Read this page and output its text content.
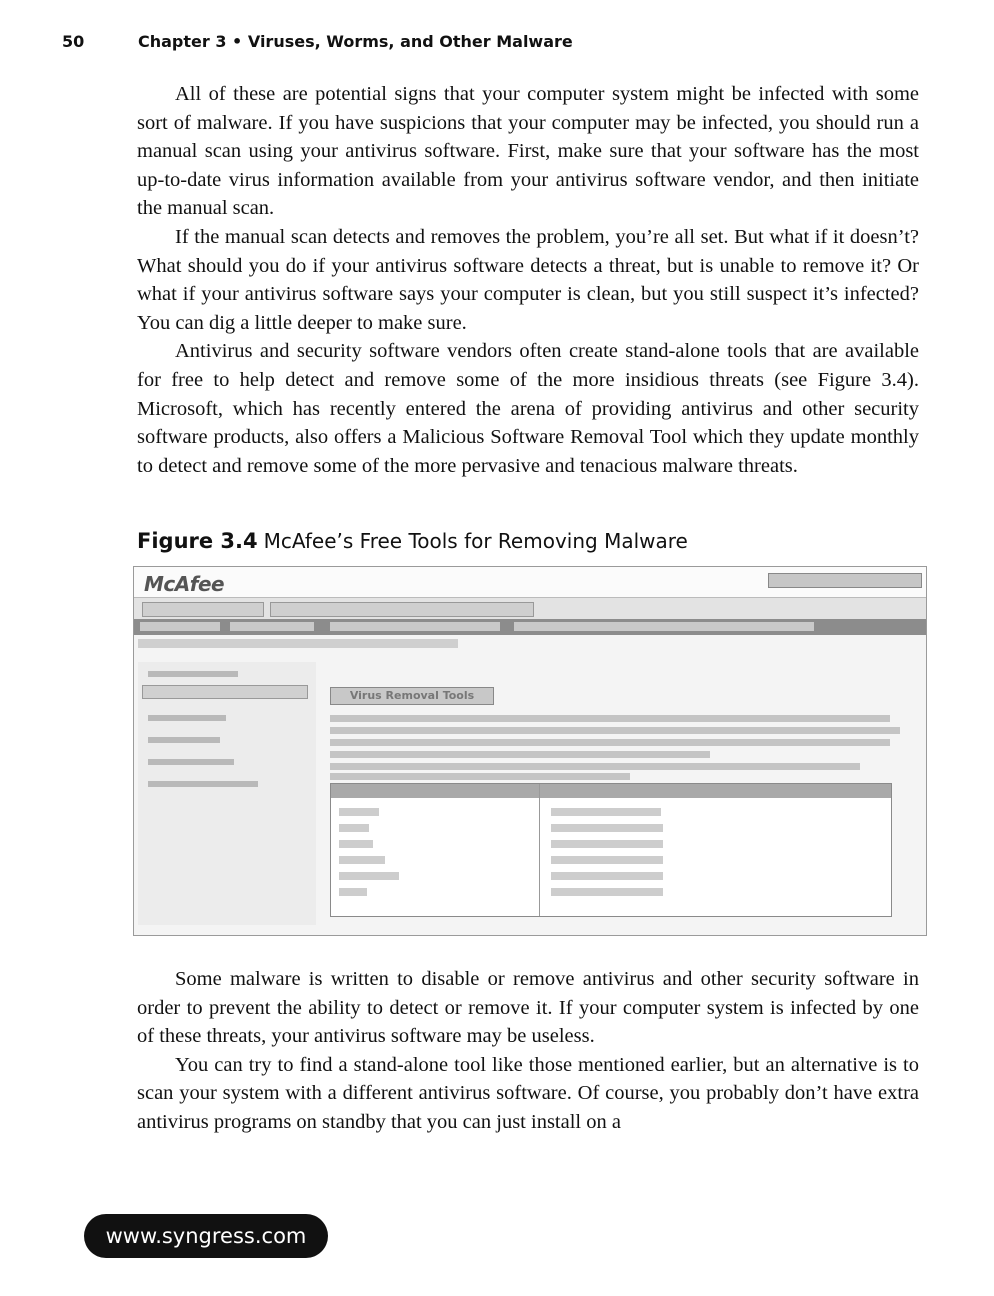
50	Chapter 3 • Viruses, Worms, and Other Malware

All of these are potential signs that your computer system might be infected with some sort of malware. If you have suspicions that your computer may be infected, you should run a manual scan using your antivirus software. First, make sure that your software has the most up-to-date virus information available from your antivirus software vendor, and then initiate the manual scan.

If the manual scan detects and removes the problem, you’re all set. But what if it doesn’t? What should you do if your antivirus software detects a threat, but is unable to remove it? Or what if your antivirus software says your computer is clean, but you still suspect it’s infected? You can dig a little deeper to make sure.

Antivirus and security software vendors often create stand-alone tools that are available for free to help detect and remove some of the more insidious threats (see Figure 3.4). Microsoft, which has recently entered the arena of providing antivirus and other security software products, also offers a Malicious Software Removal Tool which they update monthly to detect and remove some of the more pervasive and tenacious malware threats.

Figure 3.4 McAfee’s Free Tools for Removing Malware
McAfee
Virus Removal Tools

Some malware is written to disable or remove antivirus and other security software in order to prevent the ability to detect or remove it. If your computer system is infected by one of these threats, your antivirus software may be useless.

You can try to find a stand-alone tool like those mentioned earlier, but an alternative is to scan your system with a different antivirus software. Of course, you probably don’t have extra antivirus programs on standby that you can just install on a

www.syngress.com
